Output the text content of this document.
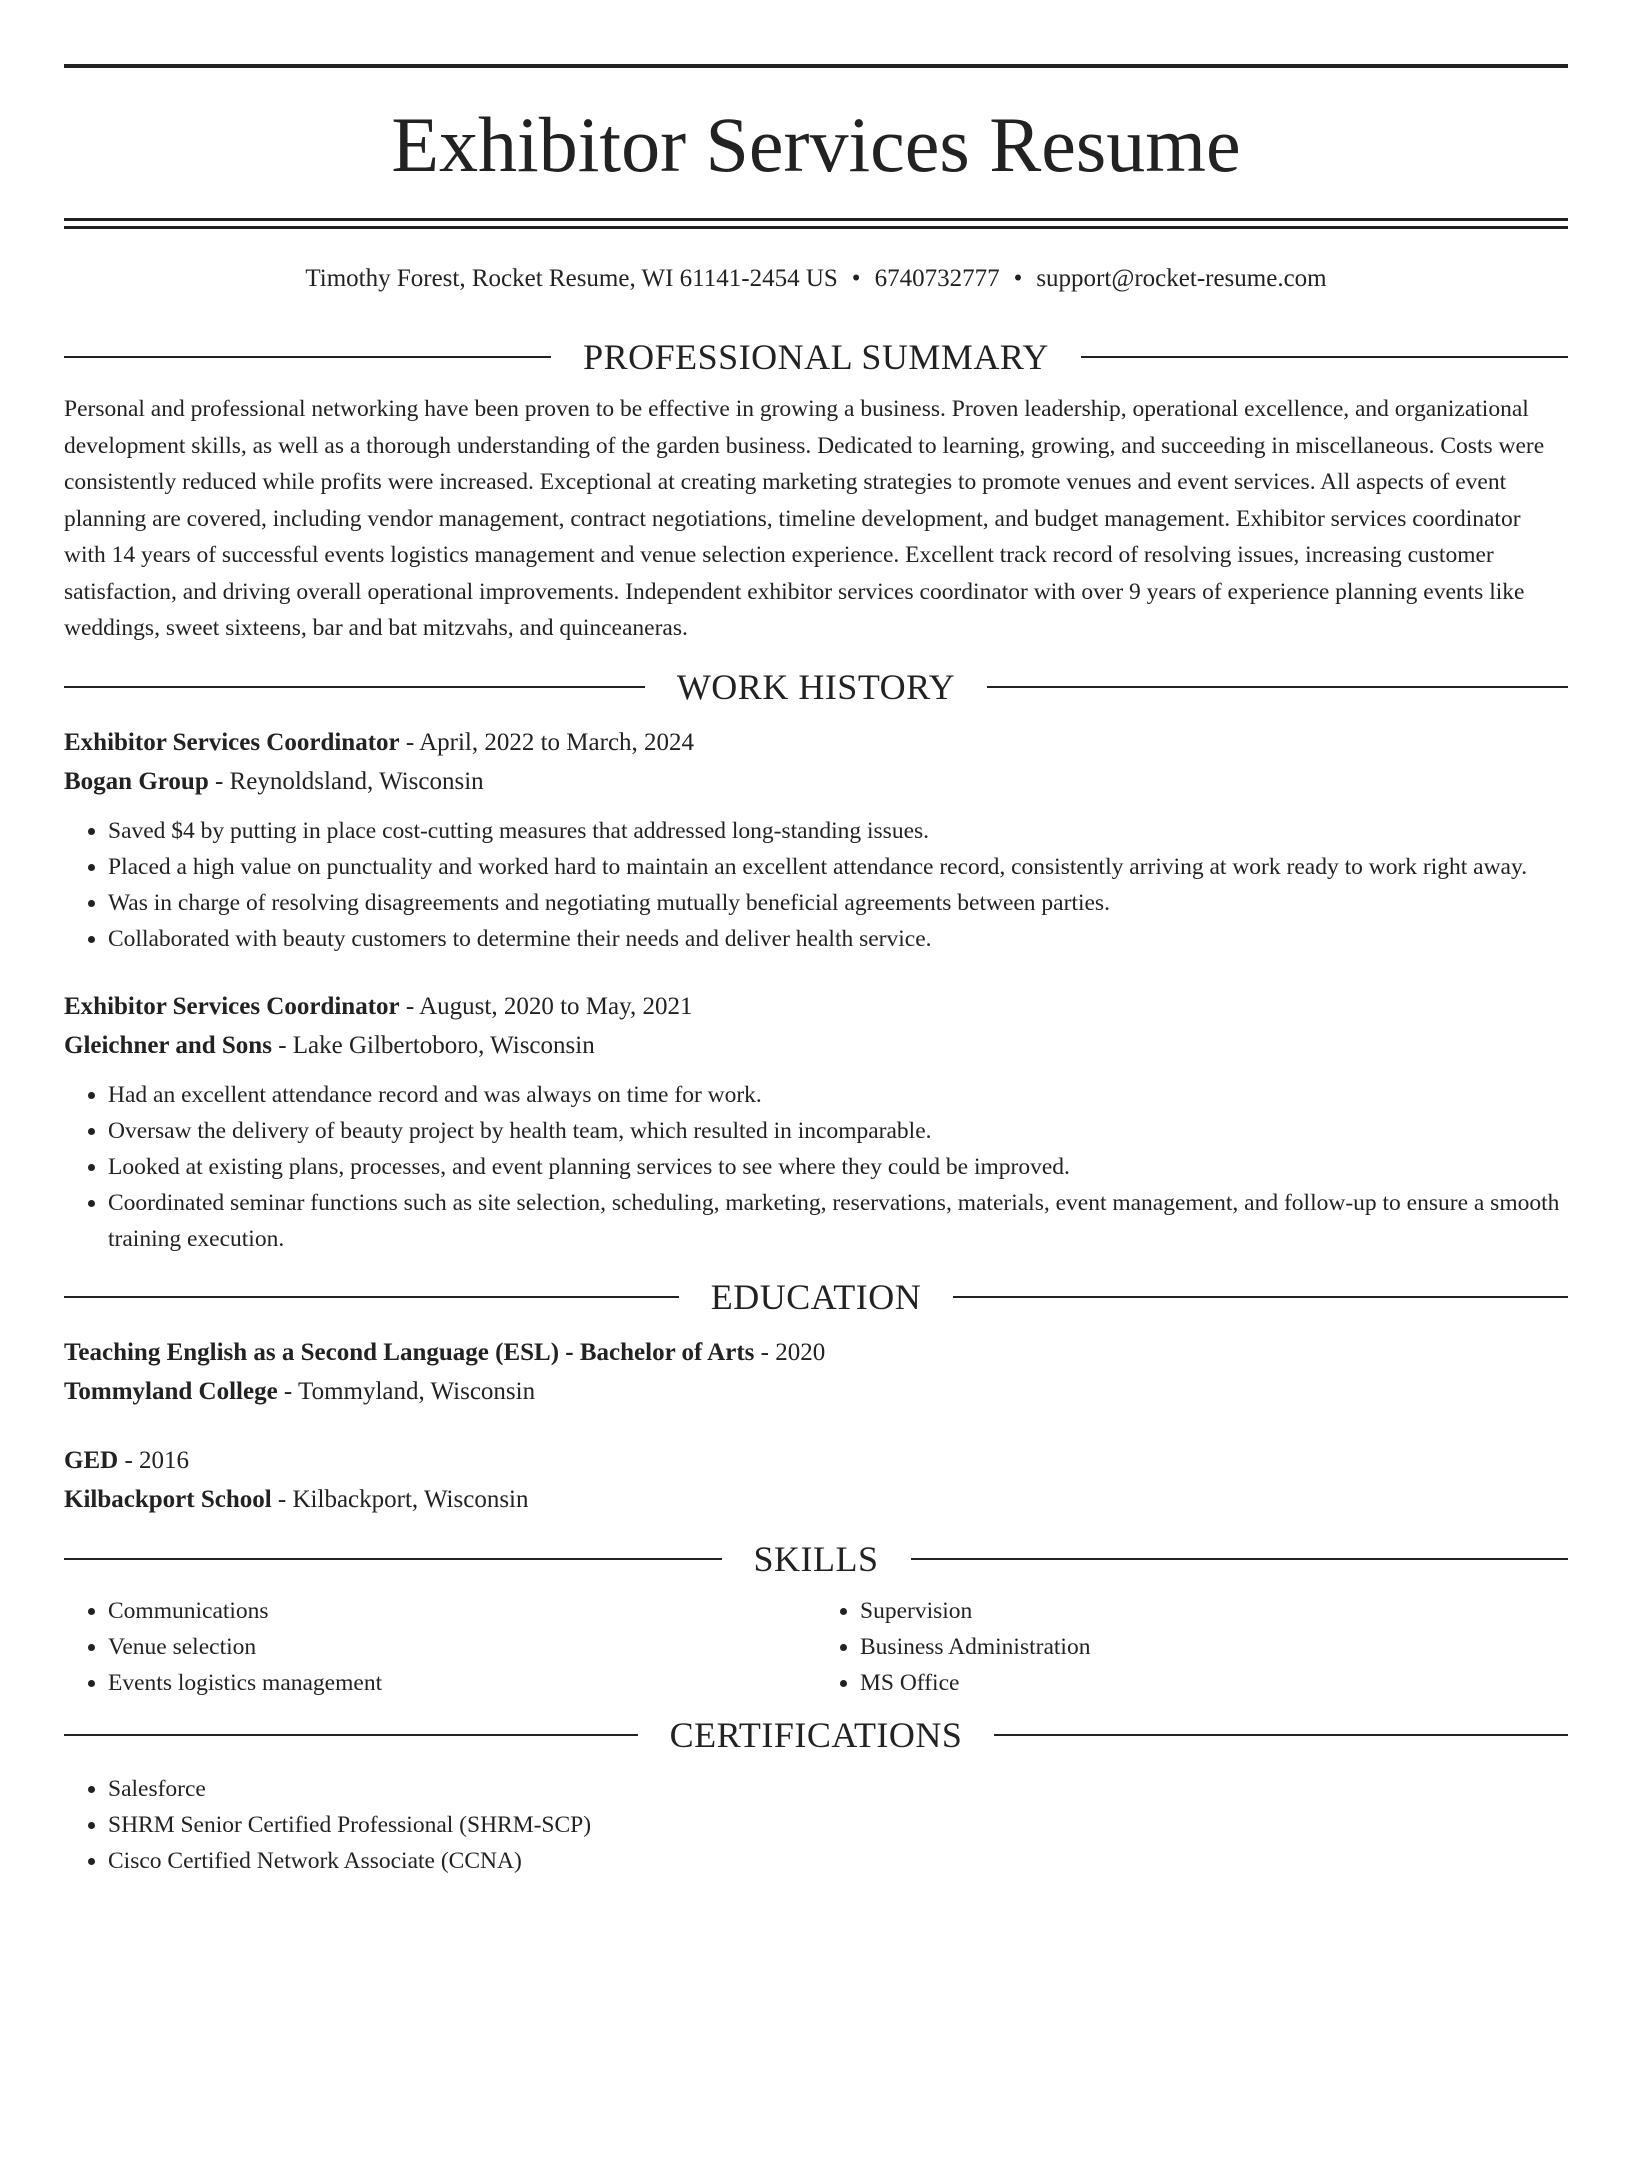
Exhibitor Services Resume
Timothy Forest, Rocket Resume, WI 61141-2454 US • 6740732777 • support@rocket-resume.com
PROFESSIONAL SUMMARY

Personal and professional networking have been proven to be effective in growing a business. Proven leadership, operational excellence, and organizational development skills, as well as a thorough understanding of the garden business. Dedicated to learning, growing, and succeeding in miscellaneous. Costs were consistently reduced while profits were increased. Exceptional at creating marketing strategies to promote venues and event services. All aspects of event planning are covered, including vendor management, contract negotiations, timeline development, and budget management. Exhibitor services coordinator with 14 years of successful events logistics management and venue selection experience. Excellent track record of resolving issues, increasing customer satisfaction, and driving overall operational improvements. Independent exhibitor services coordinator with over 9 years of experience planning events like weddings, sweet sixteens, bar and bat mitzvahs, and quinceaneras.

WORK HISTORY

Exhibitor Services Coordinator - April, 2022 to March, 2024

Bogan Group - Reynoldsland, Wisconsin

• Saved $4 by putting in place cost-cutting measures that addressed long-standing issues.
• Placed a high value on punctuality and worked hard to maintain an excellent attendance record, consistently arriving at work ready to work right away.
• Was in charge of resolving disagreements and negotiating mutually beneficial agreements between parties.
• Collaborated with beauty customers to determine their needs and deliver health service.

Exhibitor Services Coordinator - August, 2020 to May, 2021

Gleichner and Sons - Lake Gilbertoboro, Wisconsin

• Had an excellent attendance record and was always on time for work.
• Oversaw the delivery of beauty project by health team, which resulted in incomparable.
• Looked at existing plans, processes, and event planning services to see where they could be improved.
• Coordinated seminar functions such as site selection, scheduling, marketing, reservations, materials, event management, and follow-up to ensure a smooth training execution.
EDUCATION

Teaching English as a Second Language (ESL) - Bachelor of Arts - 2020

Tommyland College - Tommyland, Wisconsin

GED - 2016

Kilbackport School - Kilbackport, Wisconsin

SKILLS
• Communications
• Venue selection
• Events logistics management
• Supervision
• Business Administration
• MS Office
CERTIFICATIONS
• Salesforce
• SHRM Senior Certified Professional (SHRM-SCP)
• Cisco Certified Network Associate (CCNA)
